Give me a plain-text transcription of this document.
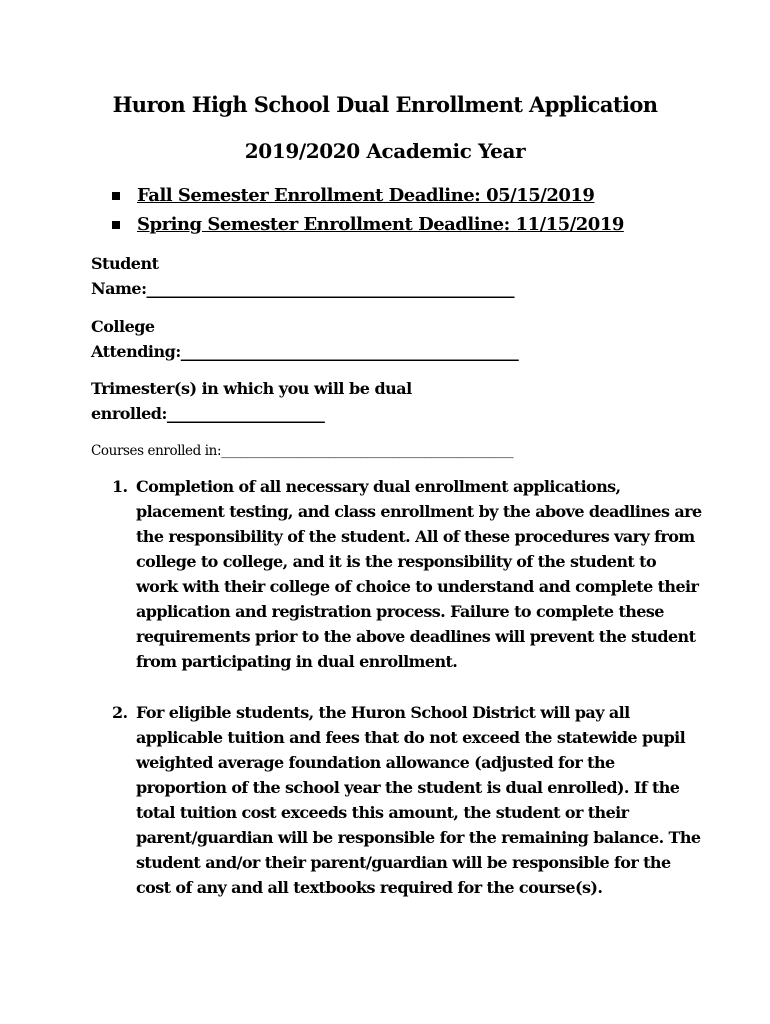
Huron High School Dual Enrollment Application
2019/2020 Academic Year
Fall Semester Enrollment Deadline: 05/15/2019
Spring Semester Enrollment Deadline: 11/15/2019
Student
Name:_________________________________________________
College
Attending:_____________________________________________
Trimester(s) in which you will be dual
enrolled:_____________________
Courses enrolled in:______________________________________________
1. Completion of all necessary dual enrollment applications, placement testing, and class enrollment by the above deadlines are the responsibility of the student. All of these procedures vary from college to college, and it is the responsibility of the student to work with their college of choice to understand and complete their application and registration process. Failure to complete these requirements prior to the above deadlines will prevent the student from participating in dual enrollment.
2. For eligible students, the Huron School District will pay all applicable tuition and fees that do not exceed the statewide pupil weighted average foundation allowance (adjusted for the proportion of the school year the student is dual enrolled). If the total tuition cost exceeds this amount, the student or their parent/guardian will be responsible for the remaining balance. The student and/or their parent/guardian will be responsible for the cost of any and all textbooks required for the course(s).
